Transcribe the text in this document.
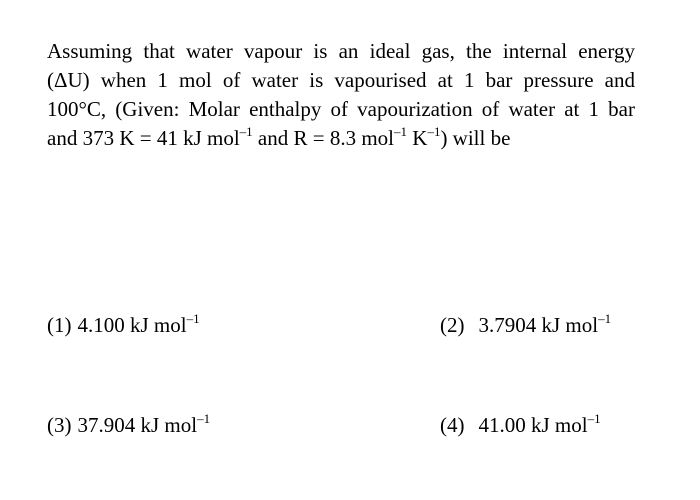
Assuming that water vapour is an ideal gas, the internal energy
(ΔU) when 1 mol of water is vapourised at 1 bar pressure and
100°C, (Given: Molar enthalpy of vapourization of water at 1 bar
and 373 K = 41 kJ mol$^{-1}$ and R = 8.3 mol$^{-1}$ $K^{-1}$) will be
(1) 4.100 kJ mol$^{-1}$	(2) 3.7904 kJ mol$^{-1}$
(3) 37.904 kJ mol$^{-1}$	(4) 41.00 kJ mol$^{-1}$
